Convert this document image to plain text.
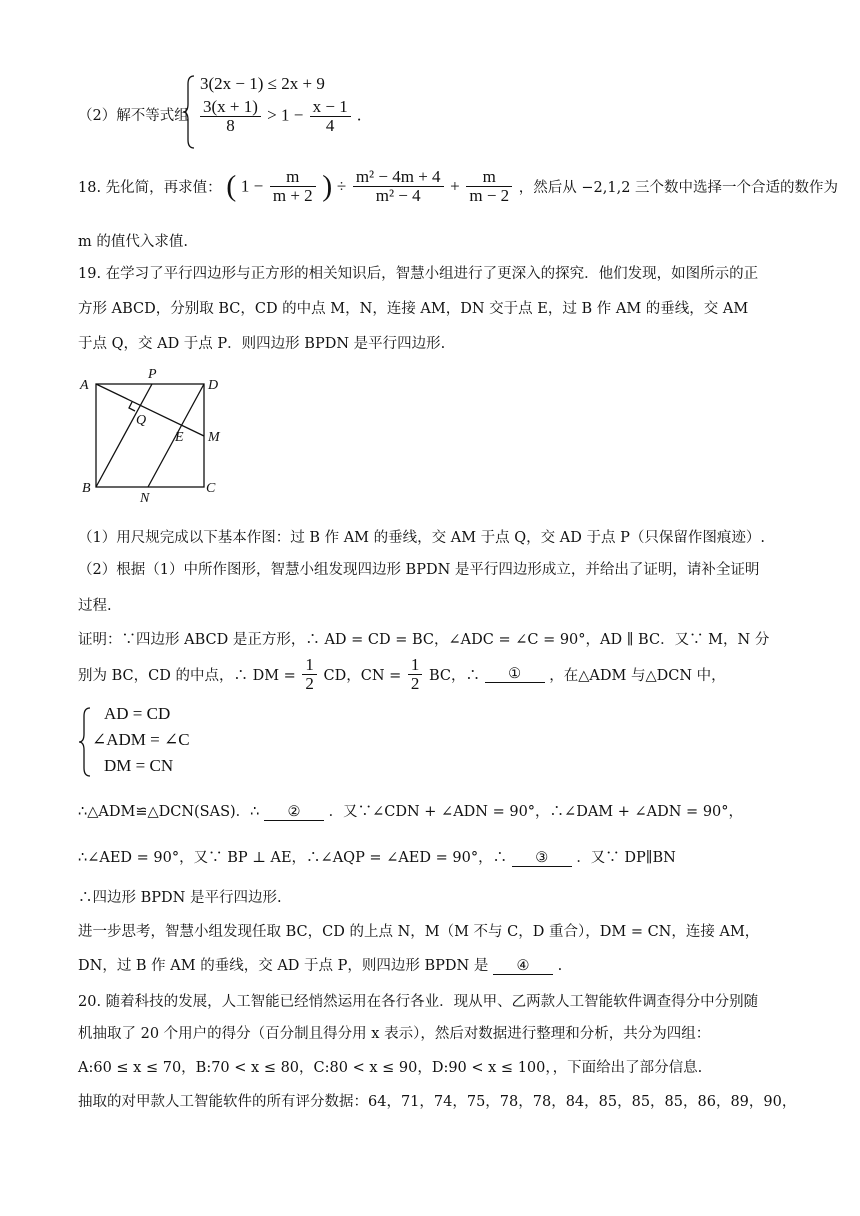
（2）解不等式组
3(2x − 1) ≤ 2x + 9
$\frac{3(x + 1)}{8} > 1 - \frac{x - 1}{4}$ .
18. 先化简，再求值： ( $1 - \frac{m}{m + 2}$ ) ÷ $\frac{\text{m² − 4m + 4}}{\text{m² − 4}} + \frac{m}{m - 2}$ ，然后从 −2,1,2 三个数中选择一个合适的数作为
m 的值代入求值.
19. 在学习了平行四边形与正方形的相关知识后，智慧小组进行了更深入的探究．他们发现，如图所示的正
方形 ABCD，分别取 BC，CD 的中点 M，N，连接 AM，DN 交于点 E，过 B 作 AM 的垂线，交 AM
于点 Q，交 AD 于点 P．则四边形 BPDN 是平行四边形.
A
P
D
Q
E M
B
N
C
（1）用尺规完成以下基本作图：过 B 作 AM 的垂线，交 AM 于点 Q，交 AD 于点 P（只保留作图痕迹）.
（2）根据（1）中所作图形，智慧小组发现四边形 BPDN 是平行四边形成立，并给出了证明，请补全证明
过程.
证明：∵四边形 ABCD 是正方形，∴ AD = CD = BC，∠ADC = ∠C = 90°，AD ∥ BC．又∵ M，N 分
别为 BC，CD 的中点，∴ DM = $\frac{1}{2}$ CD，CN = $\frac{1}{2}$ BC，∴ ① ，在△ADM 与△DCN 中，
AD = CD
∠ADM = ∠C
DM = CN
∴△ADM≌△DCN(SAS)．∴ ② ．又∵∠CDN + ∠ADN = 90°，∴∠DAM + ∠ADN = 90°，
∴∠AED = 90°，又∵ BP ⊥ AE，∴∠AQP = ∠AED = 90°，∴ ③ ．又∵ DP∥BN
∴四边形 BPDN 是平行四边形.
进一步思考，智慧小组发现任取 BC，CD 的上点 N，M（M 不与 C，D 重合），DM = CN，连接 AM，
DN，过 B 作 AM 的垂线，交 AD 于点 P，则四边形 BPDN 是 ④ .
20. 随着科技的发展，人工智能已经悄然运用在各行各业．现从甲、乙两款人工智能软件调查得分中分别随
机抽取了 20 个用户的得分（百分制且得分用 x 表示），然后对数据进行整理和分析，共分为四组：
A:60 ≤ x ≤ 70，B:70 < x ≤ 80，C:80 < x ≤ 90，D:90 < x ≤ 100，，下面给出了部分信息.
抽取的对甲款人工智能软件的所有评分数据：64，71，74，75，78，78，84，85，85，85，86，89，90，
